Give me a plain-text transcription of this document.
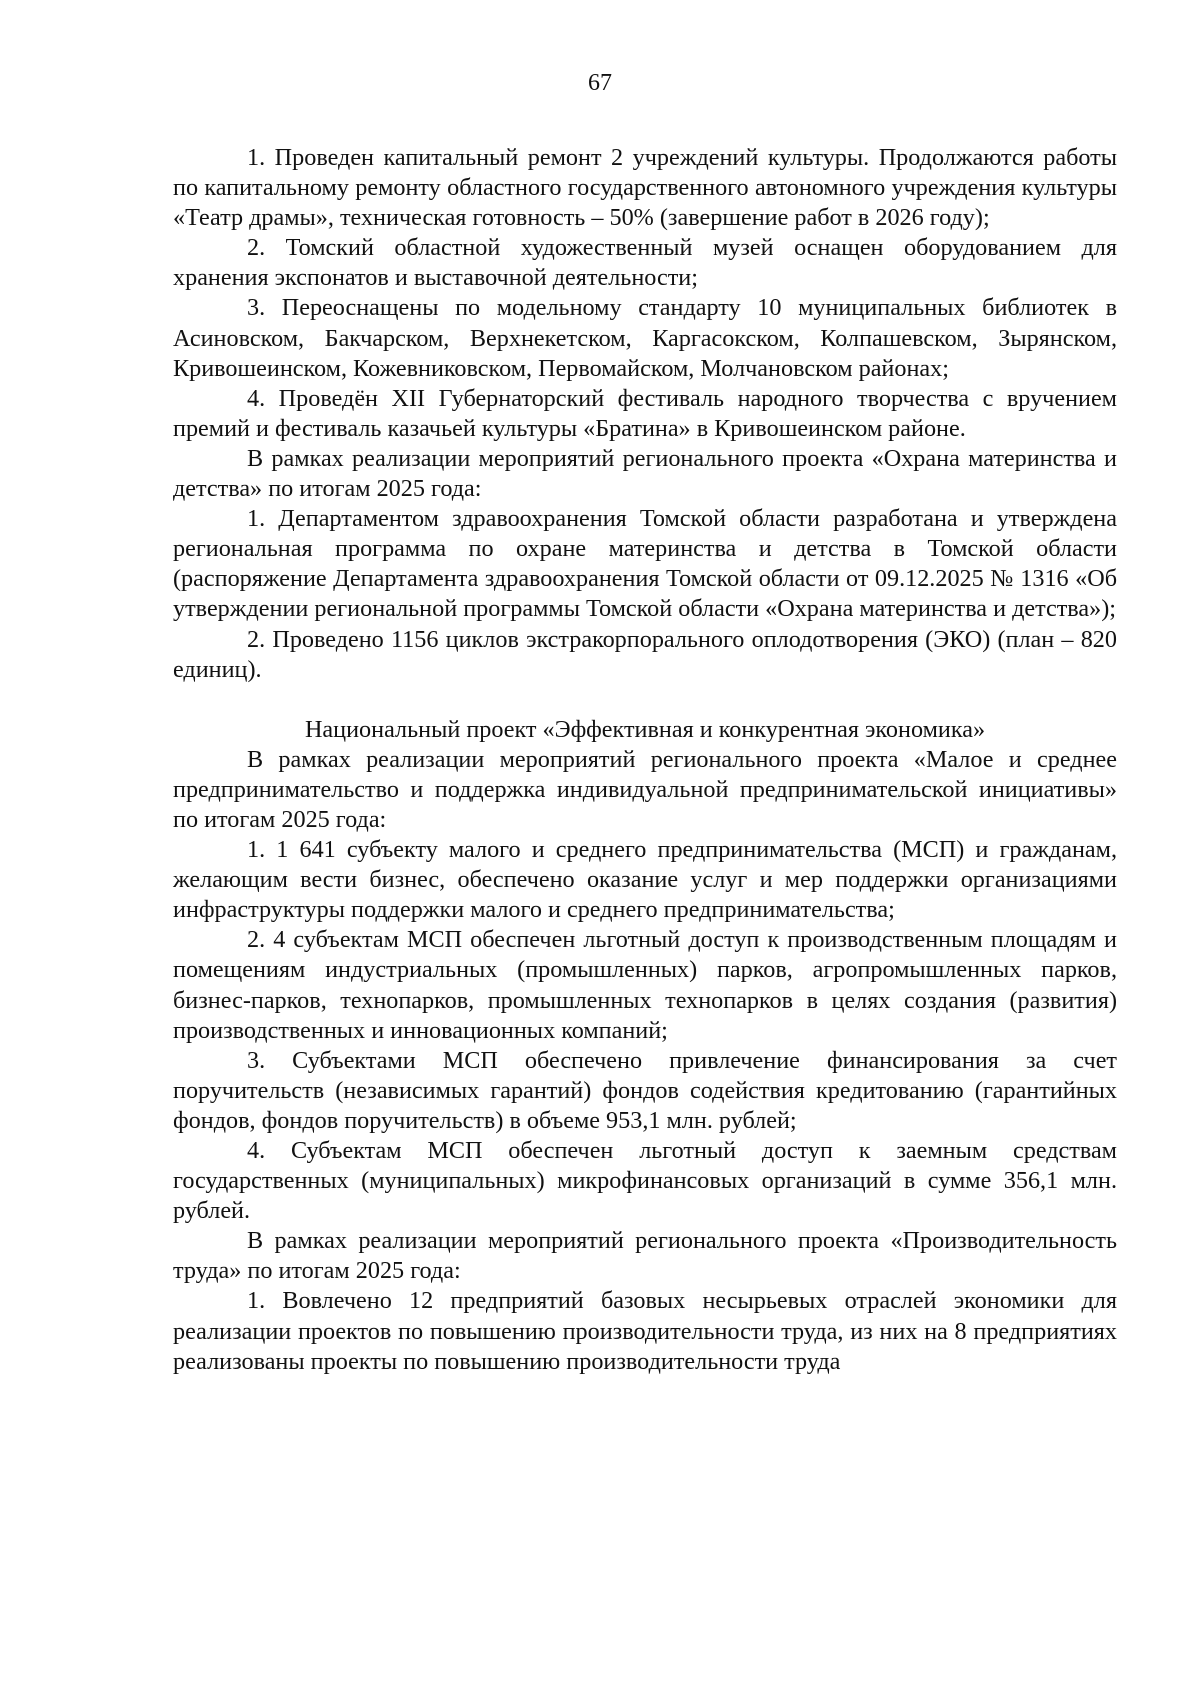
67

1. Проведен капитальный ремонт 2 учреждений культуры. Продолжаются работы по капитальному ремонту областного государственного автономного учреждения культуры «Театр драмы», техническая готовность – 50% (завершение работ в 2026 году);

2. Томский областной художественный музей оснащен оборудованием для хранения экспонатов и выставочной деятельности;

3. Переоснащены по модельному стандарту 10 муниципальных библиотек в Асиновском, Бакчарском, Верхнекетском, Каргасокском, Колпашевском, Зырянском, Кривошеинском, Кожевниковском, Первомайском, Молчановском районах;

4. Проведён XII Губернаторский фестиваль народного творчества с вручением премий и фестиваль казачьей культуры «Братина» в Кривошеинском районе.

В рамках реализации мероприятий регионального проекта «Охрана материнства и детства» по итогам 2025 года:

1. Департаментом здравоохранения Томской области разработана и утверждена региональная программа по охране материнства и детства в Томской области (распоряжение Департамента здравоохранения Томской области от 09.12.2025 № 1316 «Об утверждении региональной программы Томской области «Охрана материнства и детства»);

2. Проведено 1156 циклов экстракорпорального оплодотворения (ЭКО) (план – 820 единиц).

Национальный проект «Эффективная и конкурентная экономика»

В рамках реализации мероприятий регионального проекта «Малое и среднее предпринимательство и поддержка индивидуальной предпринимательской инициативы» по итогам 2025 года:

1. 1 641 субъекту малого и среднего предпринимательства (МСП) и гражданам, желающим вести бизнес, обеспечено оказание услуг и мер поддержки организациями инфраструктуры поддержки малого и среднего предпринимательства;

2. 4 субъектам МСП обеспечен льготный доступ к производственным площадям и помещениям индустриальных (промышленных) парков, агропромышленных парков, бизнес-парков, технопарков, промышленных технопарков в целях создания (развития) производственных и инновационных компаний;

3. Субъектами МСП обеспечено привлечение финансирования за счет поручительств (независимых гарантий) фондов содействия кредитованию (гарантийных фондов, фондов поручительств) в объеме 953,1 млн. рублей;

4. Субъектам МСП обеспечен льготный доступ к заемным средствам государственных (муниципальных) микрофинансовых организаций в сумме 356,1 млн. рублей.

В рамках реализации мероприятий регионального проекта «Производительность труда» по итогам 2025 года:

1. Вовлечено 12 предприятий базовых несырьевых отраслей экономики для реализации проектов по повышению производительности труда, из них на 8 предприятиях реализованы проекты по повышению производительности труда
